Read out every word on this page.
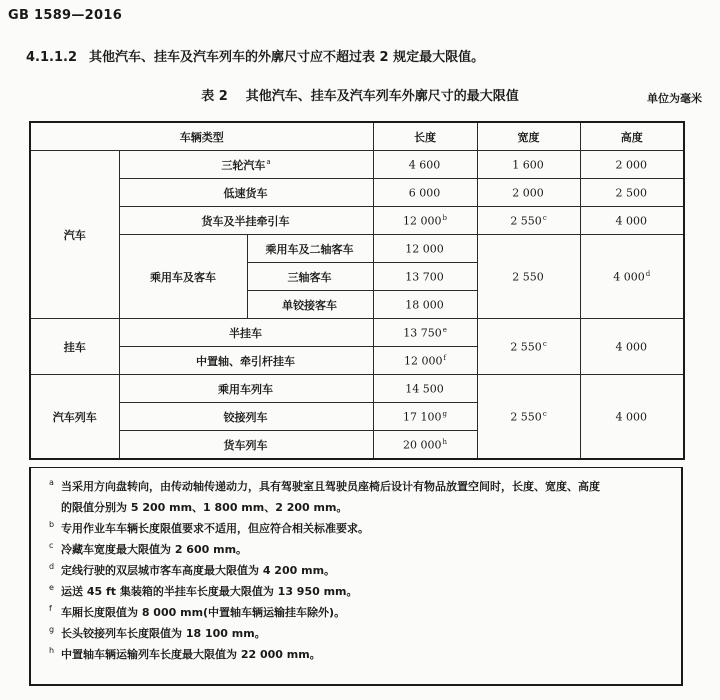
GB 1589—2016
4.1.1.2 其他汽车、挂车及汽车列车的外廓尺寸应不超过表 2 规定最大限值。
表 2 其他汽车、挂车及汽车列车外廓尺寸的最大限值	单位为毫米
车辆类型			长度	宽度	高度
汽车	三轮汽车$^a$		4 600	1 600	2 000
	低速货车		6 000	2 000	2 500
	货车及半挂牵引车		12 000$^b$	2 550$^c$	4 000
	乘用车及客车	乘用车及二轴客车	12 000	2 550	4 000$^d$
		三轴客车	13 700		
		单铰接客车	18 000		
挂车	半挂车		13 750e	2 550$^c$	4 000
	中置轴、牵引杆挂车		12 000$^f$
汽车列车	乘用车列车		14 500	2 550$^c$	4 000
	铰接列车		17 100$^g$
	货车列车		20 000$^h$
a 当采用方向盘转向，由传动轴传递动力，具有驾驶室且驾驶员座椅后设计有物品放置空间时，长度、宽度、高度
的限值分别为 5 200 mm、1 800 mm、2 200 mm。
b 专用作业车车辆长度限值要求不适用，但应符合相关标准要求。
c 冷藏车宽度最大限值为 2 600 mm。
d 定线行驶的双层城市客车高度最大限值为 4 200 mm。
e 运送 45 ft 集装箱的半挂车长度最大限值为 13 950 mm。
f 车厢长度限值为 8 000 mm(中置轴车辆运输挂车除外)。
g 长头铰接列车长度限值为 18 100 mm。
h 中置轴车辆运输列车长度最大限值为 22 000 mm。
